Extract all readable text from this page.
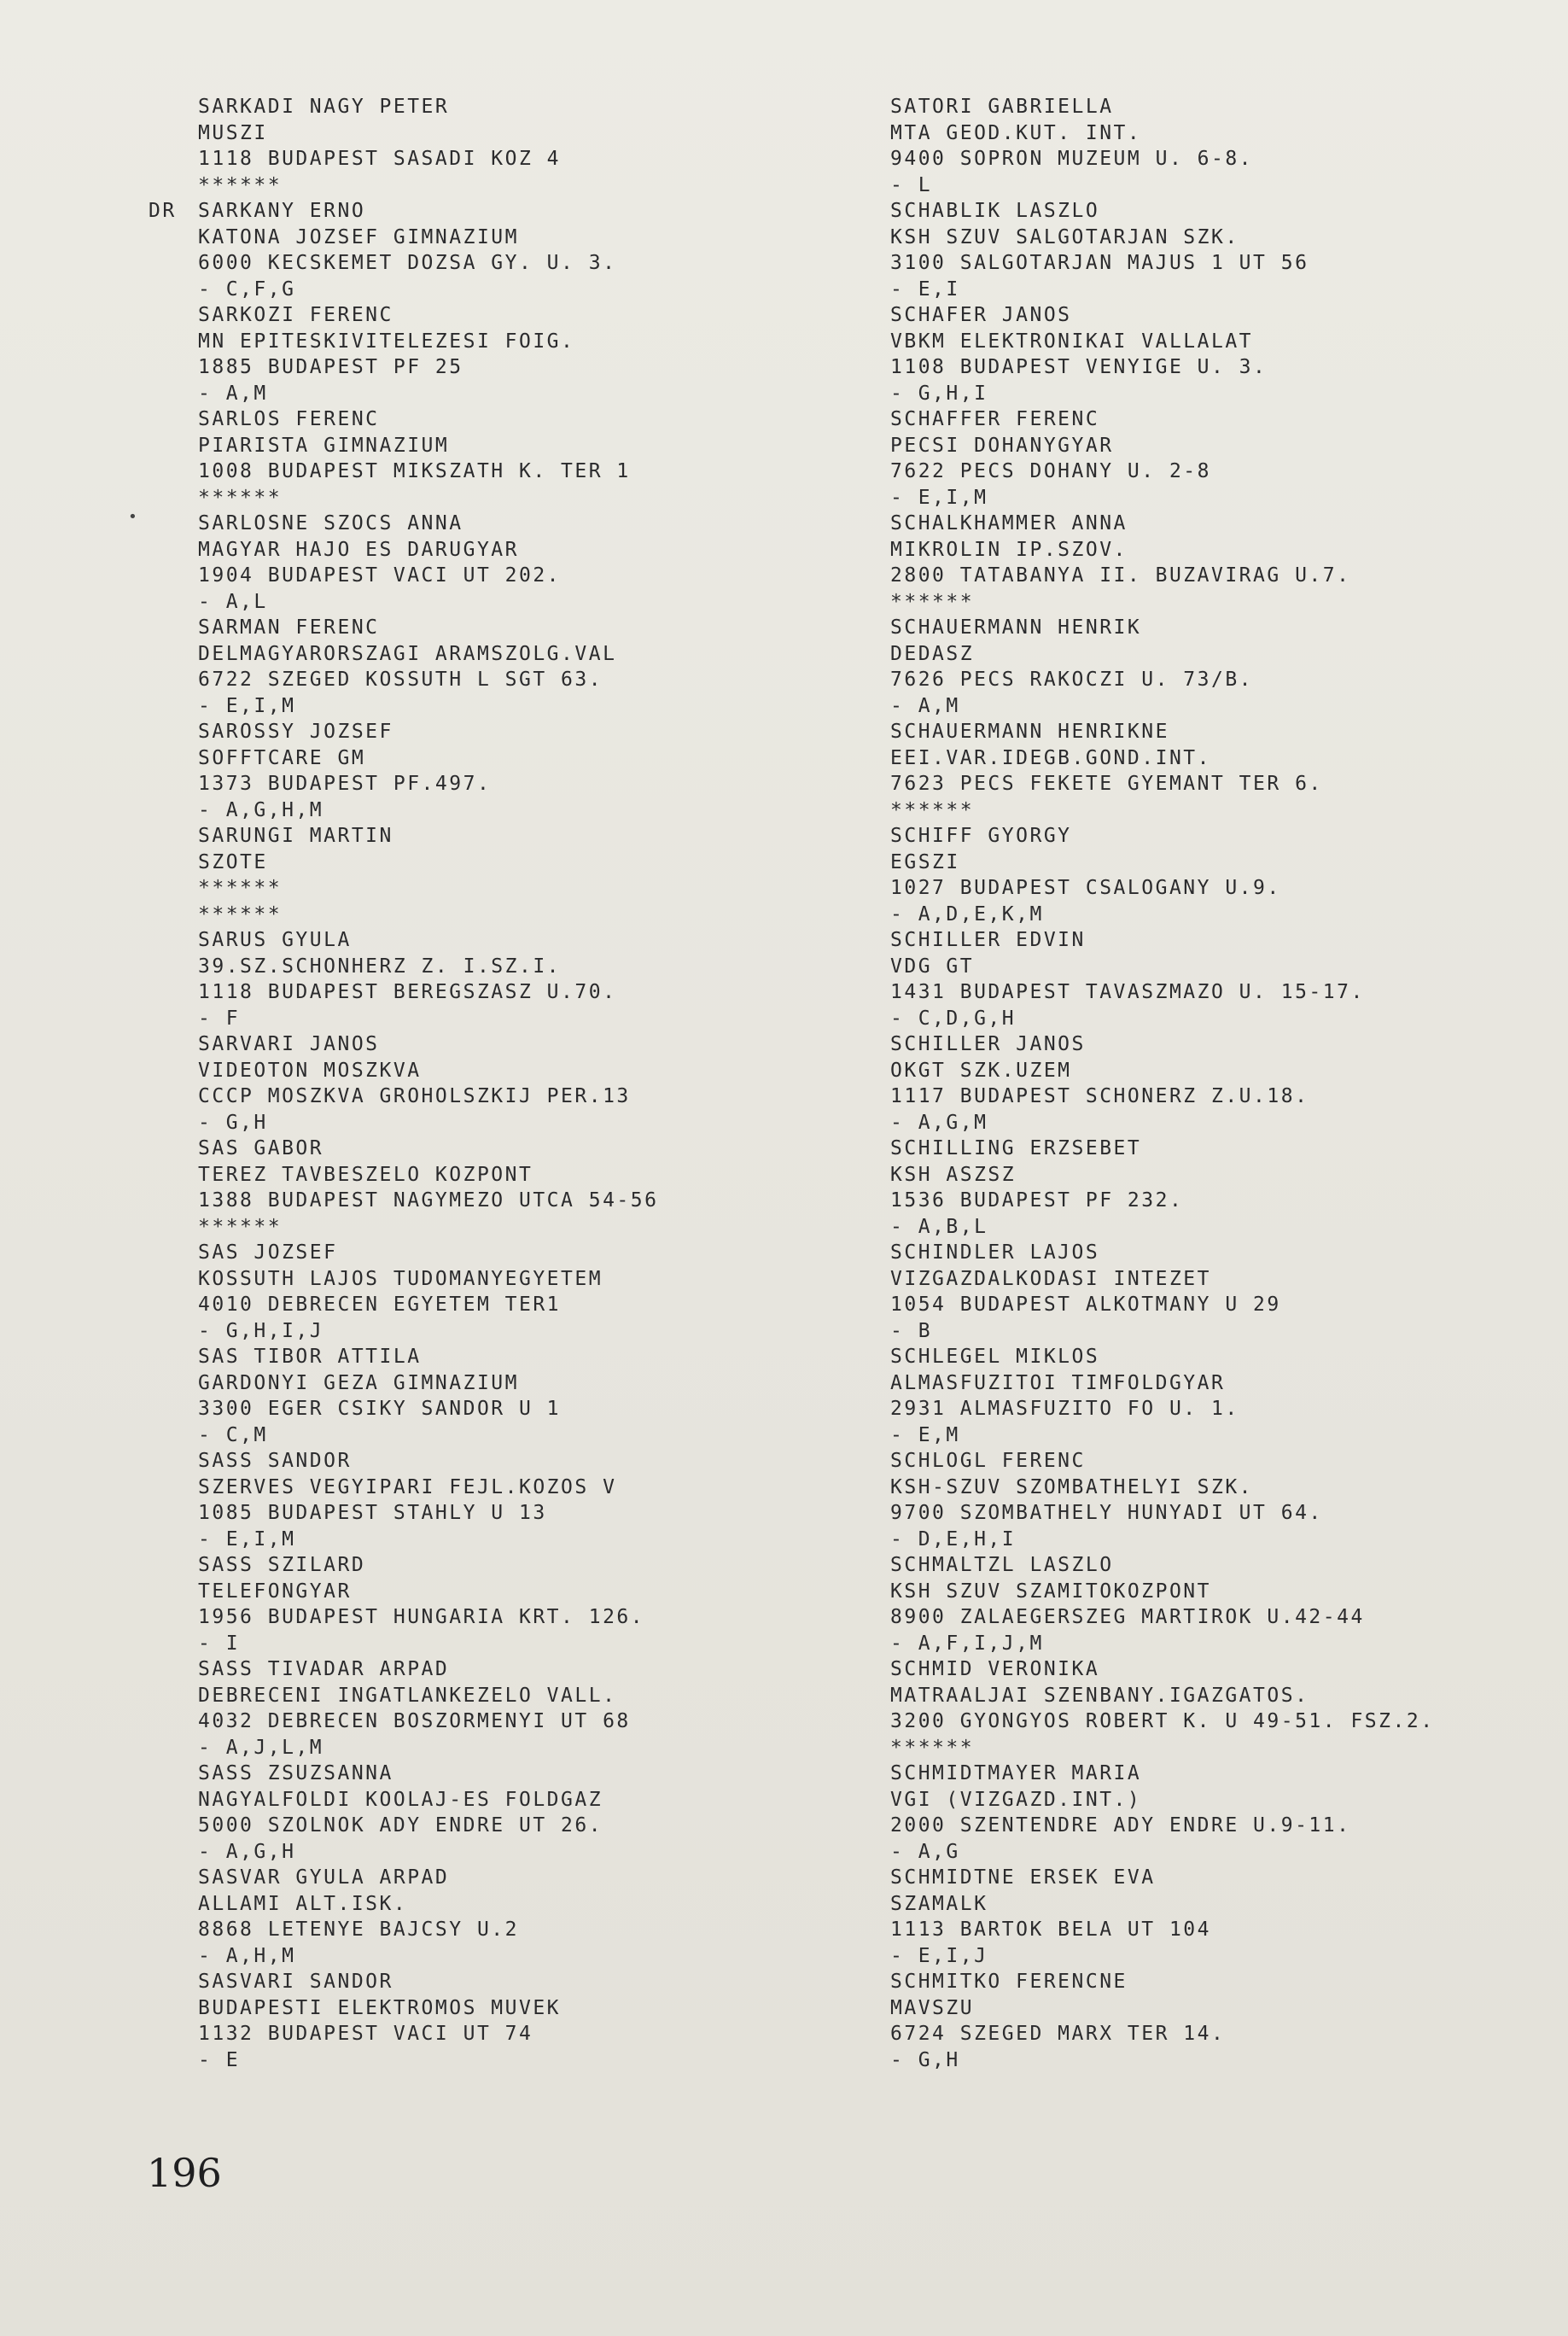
•
SARKADI NAGY PETER
MUSZI
1118 BUDAPEST SASADI KOZ 4
******
DR SARKANY ERNO
KATONA JOZSEF GIMNAZIUM
6000 KECSKEMET DOZSA GY. U. 3.
- C,F,G
SARKOZI FERENC
MN EPITESKIVITELEZESI FOIG.
1885 BUDAPEST PF 25
- A,M
SARLOS FERENC
PIARISTA GIMNAZIUM
1008 BUDAPEST MIKSZATH K. TER 1
******
SARLOSNE SZOCS ANNA
MAGYAR HAJO ES DARUGYAR
1904 BUDAPEST VACI UT 202.
- A,L
SARMAN FERENC
DELMAGYARORSZAGI ARAMSZOLG.VAL
6722 SZEGED KOSSUTH L SGT 63.
- E,I,M
SAROSSY JOZSEF
SOFFTCARE GM
1373 BUDAPEST PF.497.
- A,G,H,M
SARUNGI MARTIN
SZOTE
******
******
SARUS GYULA
39.SZ.SCHONHERZ Z. I.SZ.I.
1118 BUDAPEST BEREGSZASZ U.70.
- F
SARVARI JANOS
VIDEOTON MOSZKVA
CCCP MOSZKVA GROHOLSZKIJ PER.13
- G,H
SAS GABOR
TEREZ TAVBESZELO KOZPONT
1388 BUDAPEST NAGYMEZO UTCA 54-56
******
SAS JOZSEF
KOSSUTH LAJOS TUDOMANYEGYETEM
4010 DEBRECEN EGYETEM TER1
- G,H,I,J
SAS TIBOR ATTILA
GARDONYI GEZA GIMNAZIUM
3300 EGER CSIKY SANDOR U 1
- C,M
SASS SANDOR
SZERVES VEGYIPARI FEJL.KOZOS V
1085 BUDAPEST STAHLY U 13
- E,I,M
SASS SZILARD
TELEFONGYAR
1956 BUDAPEST HUNGARIA KRT. 126.
- I
SASS TIVADAR ARPAD
DEBRECENI INGATLANKEZELO VALL.
4032 DEBRECEN BOSZORMENYI UT 68
- A,J,L,M
SASS ZSUZSANNA
NAGYALFOLDI KOOLAJ-ES FOLDGAZ
5000 SZOLNOK ADY ENDRE UT 26.
- A,G,H
SASVAR GYULA ARPAD
ALLAMI ALT.ISK.
8868 LETENYE BAJCSY U.2
- A,H,M
SASVARI SANDOR
BUDAPESTI ELEKTROMOS MUVEK
1132 BUDAPEST VACI UT 74
- E
SATORI GABRIELLA
MTA GEOD.KUT. INT.
9400 SOPRON MUZEUM U. 6-8.
- L
SCHABLIK LASZLO
KSH SZUV SALGOTARJAN SZK.
3100 SALGOTARJAN MAJUS 1 UT 56
- E,I
SCHAFER JANOS
VBKM ELEKTRONIKAI VALLALAT
1108 BUDAPEST VENYIGE U. 3.
- G,H,I
SCHAFFER FERENC
PECSI DOHANYGYAR
7622 PECS DOHANY U. 2-8
- E,I,M
SCHALKHAMMER ANNA
MIKROLIN IP.SZOV.
2800 TATABANYA II. BUZAVIRAG U.7.
******
SCHAUERMANN HENRIK
DEDASZ
7626 PECS RAKOCZI U. 73/B.
- A,M
SCHAUERMANN HENRIKNE
EEI.VAR.IDEGB.GOND.INT.
7623 PECS FEKETE GYEMANT TER 6.
******
SCHIFF GYORGY
EGSZI
1027 BUDAPEST CSALOGANY U.9.
- A,D,E,K,M
SCHILLER EDVIN
VDG GT
1431 BUDAPEST TAVASZMAZO U. 15-17.
- C,D,G,H
SCHILLER JANOS
OKGT SZK.UZEM
1117 BUDAPEST SCHONERZ Z.U.18.
- A,G,M
SCHILLING ERZSEBET
KSH ASZSZ
1536 BUDAPEST PF 232.
- A,B,L
SCHINDLER LAJOS
VIZGAZDALKODASI INTEZET
1054 BUDAPEST ALKOTMANY U 29
- B
SCHLEGEL MIKLOS
ALMASFUZITOI TIMFOLDGYAR
2931 ALMASFUZITO FO U. 1.
- E,M
SCHLOGL FERENC
KSH-SZUV SZOMBATHELYI SZK.
9700 SZOMBATHELY HUNYADI UT 64.
- D,E,H,I
SCHMALTZL LASZLO
KSH SZUV SZAMITOKOZPONT
8900 ZALAEGERSZEG MARTIROK U.42-44
- A,F,I,J,M
SCHMID VERONIKA
MATRAALJAI SZENBANY.IGAZGATOS.
3200 GYONGYOS ROBERT K. U 49-51. FSZ.2.
******
SCHMIDTMAYER MARIA
VGI (VIZGAZD.INT.)
2000 SZENTENDRE ADY ENDRE U.9-11.
- A,G
SCHMIDTNE ERSEK EVA
SZAMALK
1113 BARTOK BELA UT 104
- E,I,J
SCHMITKO FERENCNE
MAVSZU
6724 SZEGED MARX TER 14.
- G,H
196
